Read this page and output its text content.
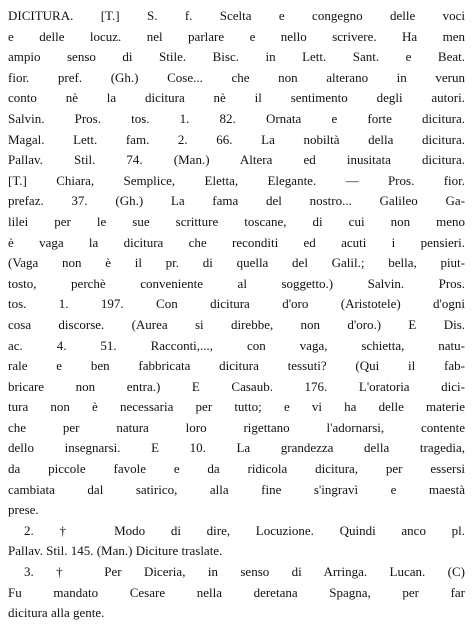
DICITURA. [T.] S. f. Scelta e congegno delle voci
e delle locuz. nel parlare e nello scrivere. Ha men
ampio senso di Stile. Bisc. in Lett. Sant. e Beat.
fior. pref. (Gh.) Cose... che non alterano in verun
conto nè la dicitura nè il sentimento degli autori.
Salvin. Pros. tos. 1. 82. Ornata e forte dicitura.
Magal. Lett. fam. 2. 66. La nobiltà della dicitura.
Pallav. Stil. 74. (Man.) Altera ed inusitata dicitura.
[T.] Chiara, Semplice, Eletta, Elegante. — Pros. fior.
prefaz. 37. (Gh.) La fama del nostro... Galileo Ga-
lilei per le sue scritture toscane, di cui non meno
è vaga la dicitura che reconditi ed acuti i pensieri.
(Vaga non è il pr. di quella del Galil.; bella, piut-
tosto, perchè conveniente al soggetto.) Salvin. Pros.
tos. 1. 197. Con dicitura d'oro (Aristotele) d'ogni
cosa discorse. (Aurea si direbbe, non d'oro.) E Dis.
ac. 4. 51. Racconti,..., con vaga, schietta, natu-
rale e ben fabbricata dicitura tessuti? (Qui il fab-
bricare non entra.) E Casaub. 176. L'oratoria dici-
tura non è necessaria per tutto; e vi ha delle materie
che per natura loro rigettano l'adornarsi, contente
dello insegnarsi. E 10. La grandezza della tragedia,
da piccole favole e da ridicola dicitura, per essersi
cambiata dal satirico, alla fine s'ingravì e maestà
prese.
2. † Modo di dire, Locuzione. Quindi anco pl.
Pallav. Stil. 145. (Man.) Diciture traslate.
3. † Per Diceria, in senso di Arringa. Lucan. (C)
Fu mandato Cesare nella deretana Spagna, per far
dicitura alla gente.
